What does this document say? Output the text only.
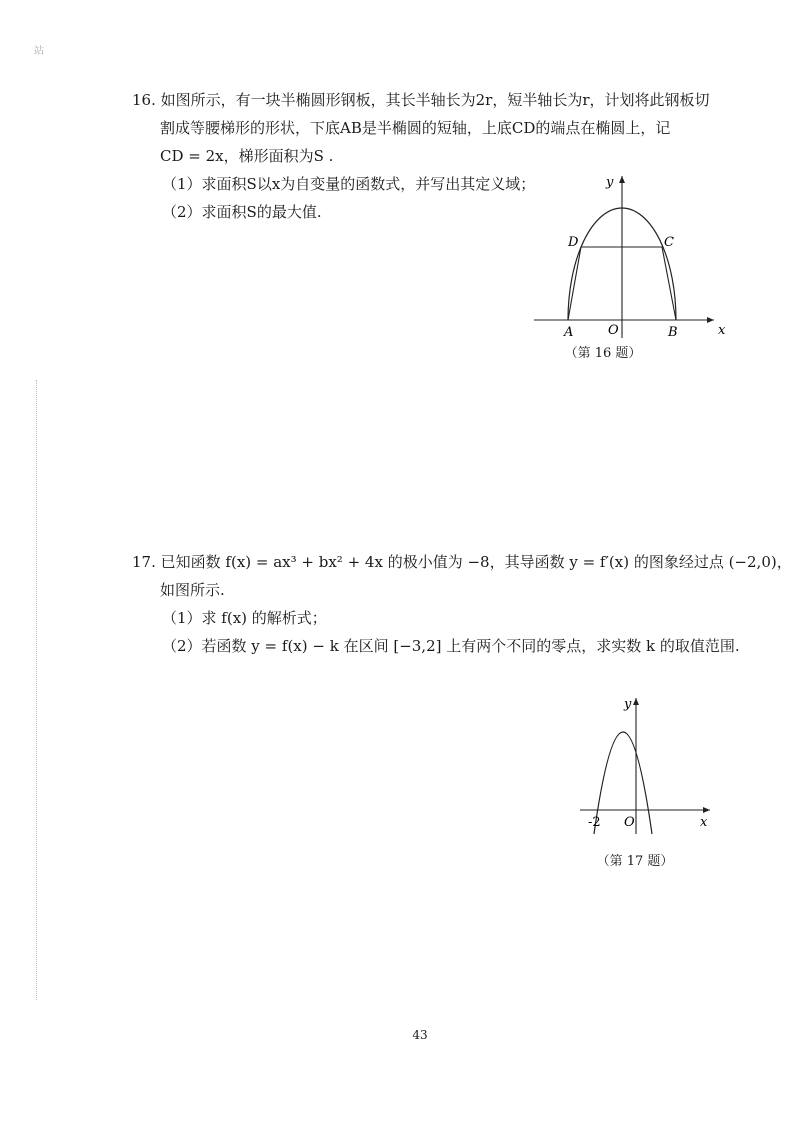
站
16. 如图所示，有一块半椭圆形钢板，其长半轴长为2r，短半轴长为r，计划将此钢板切
割成等腰梯形的形状，下底AB是半椭圆的短轴，上底CD的端点在椭圆上，记
CD = 2x，梯形面积为S .
（1）求面积S以x为自变量的函数式，并写出其定义域；
（2）求面积S的最大值.
y
x
A	B
O
C
D
（第 16 题）
17. 已知函数 f(x) = ax³ + bx² + 4x 的极小值为 −8，其导函数 y = f′(x) 的图象经过点 (−2,0)，
如图所示.
（1）求 f(x) 的解析式；
（2）若函数 y = f(x) − k 在区间 [−3,2] 上有两个不同的零点，求实数 k 的取值范围.
y
x
O
-2
（第 17 题）
43
